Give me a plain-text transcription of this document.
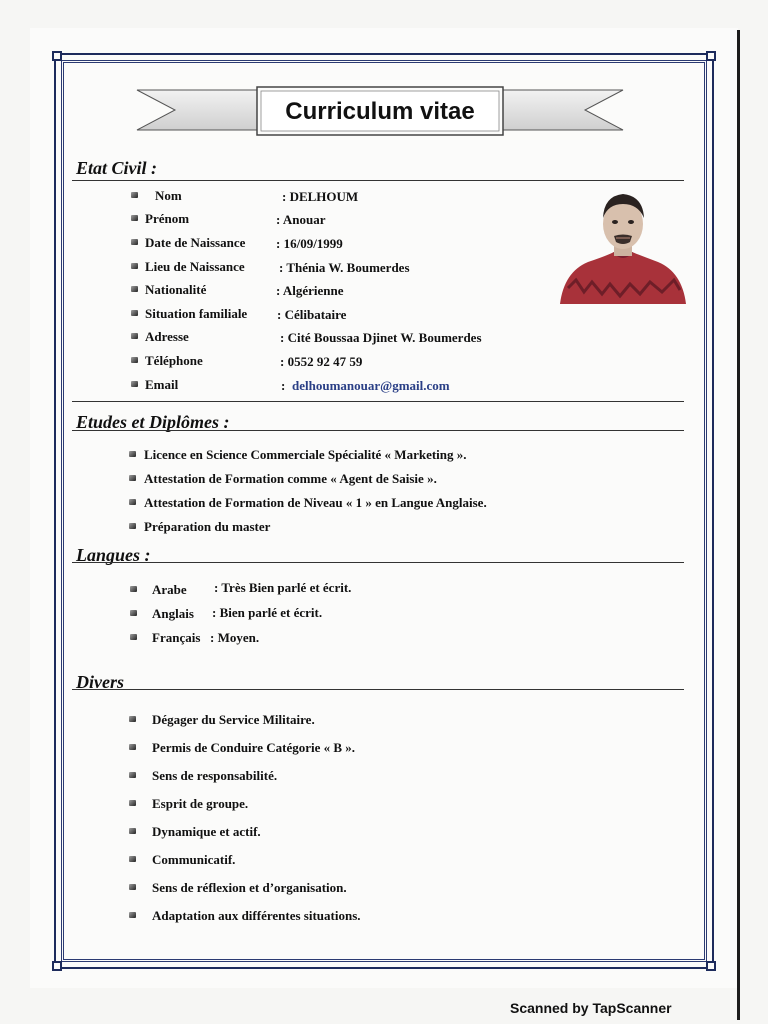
Curriculum vitae
Etat Civil :
Nom	: DELHOUM
Prénom	: Anouar
Date de Naissance : 16/09/1999
Lieu de Naissance	: Thénia W. Boumerdes
Nationalité	: Algérienne
Situation familiale : Célibataire
Adresse	: Cité Boussaa Djinet W. Boumerdes
Téléphone	: 0552 92 47 59
Email	: delhoumanouar@gmail.com
Etudes et Diplômes :
Licence en Science Commerciale Spécialité « Marketing ».
Attestation de Formation comme « Agent de Saisie ».
Attestation de Formation de Niveau « 1 » en Langue Anglaise.
Préparation du master
Langues :
Arabe : Très Bien parlé et écrit.
Anglais : Bien parlé et écrit.
Français : Moyen.
Divers
Dégager du Service Militaire.
Permis de Conduire Catégorie « B ».
Sens de responsabilité.
Esprit de groupe.
Dynamique et actif.
Communicatif.
Sens de réflexion et d’organisation.
Adaptation aux différentes situations.
Scanned by TapScanner
